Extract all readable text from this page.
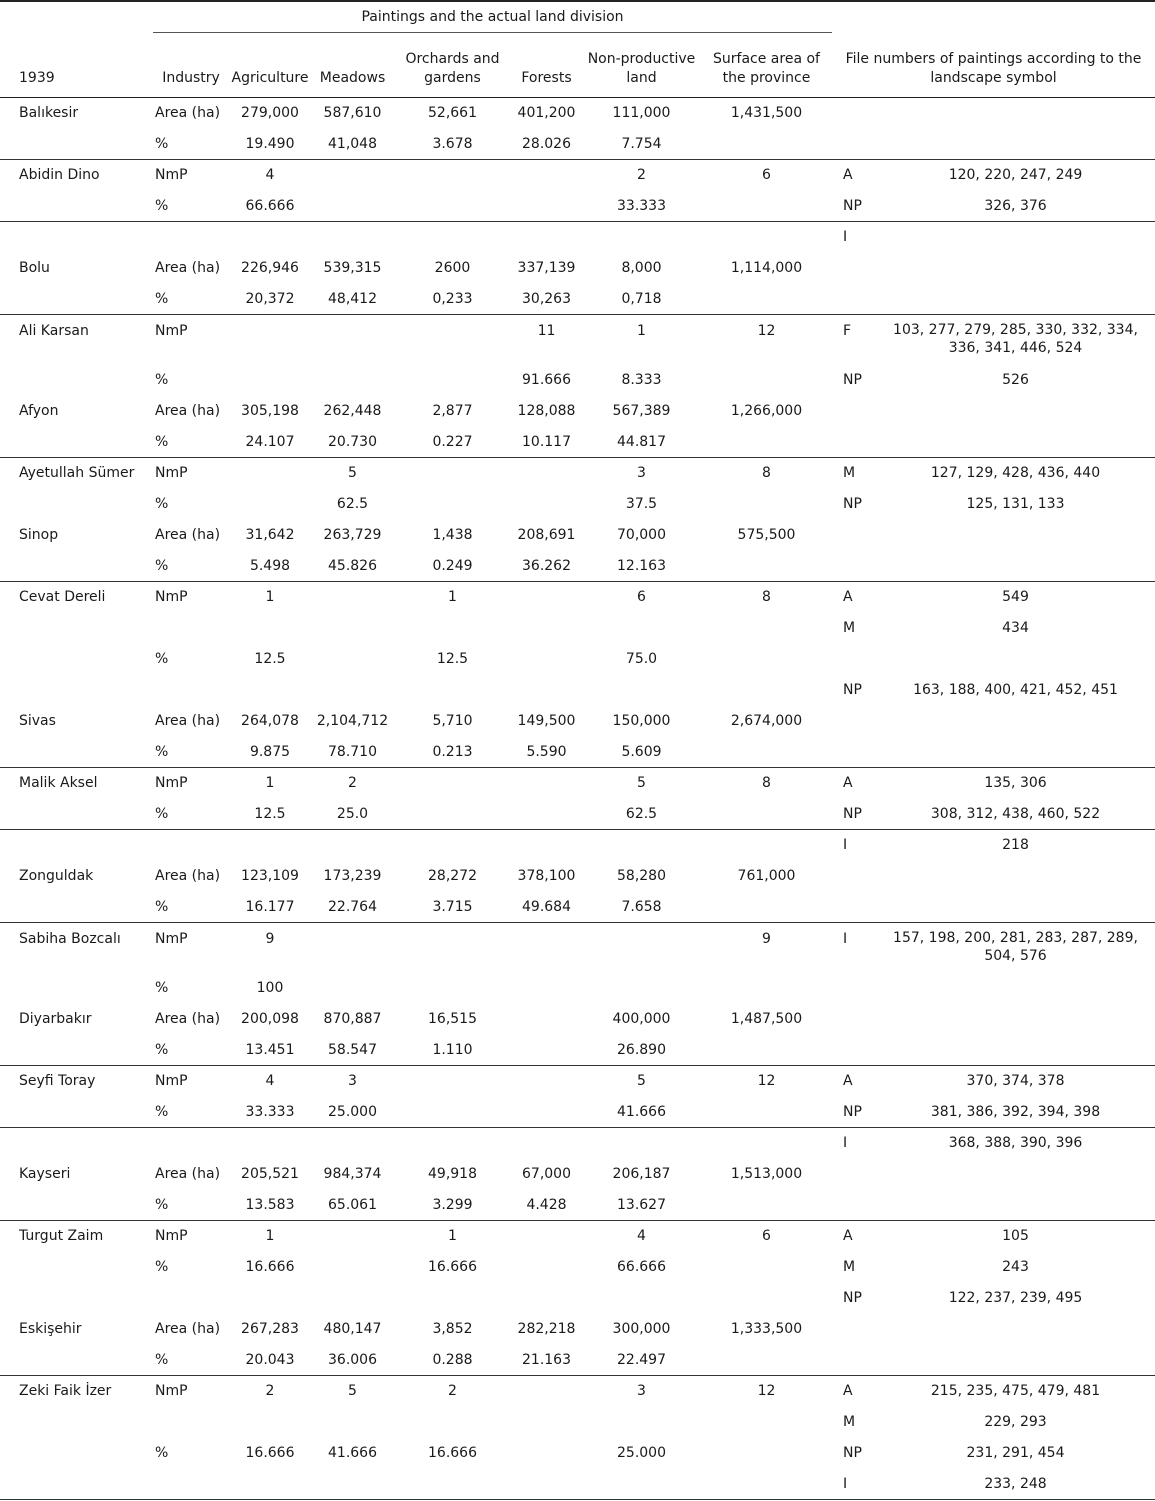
	Paintings and the actual land division								
1939	Industry	Agriculture	Meadows	Orchards and
gardens	Forests	Non-productive
land	Surface area of
the province	File numbers of paintings according to the
landscape symbol	
Balıkesir	Area (ha)	279,000	587,610	52,661	401,200	111,000	1,431,500		
	%	19.490	41,048	3.678	28.026	7.754			
Abidin Dino	NmP	4				2	6	A	120, 220, 247, 249
	%	66.666				33.333		NP	326, 376
								I	
Bolu	Area (ha)	226,946	539,315	2600	337,139	8,000	1,114,000		
	%	20,372	48,412	0,233	30,263	0,718			
Ali Karsan	NmP				11	1	12	F	103, 277, 279, 285, 330, 332, 334, 336, 341, 446, 524
	%				91.666	8.333		NP	526
Afyon	Area (ha)	305,198	262,448	2,877	128,088	567,389	1,266,000		
	%	24.107	20.730	0.227	10.117	44.817			
Ayetullah Sümer	NmP		5			3	8	M	127, 129, 428, 436, 440
	%		62.5			37.5		NP	125, 131, 133
Sinop	Area (ha)	31,642	263,729	1,438	208,691	70,000	575,500		
	%	5.498	45.826	0.249	36.262	12.163			
Cevat Dereli	NmP	1		1		6	8	A	549
								M	434
	%	12.5		12.5		75.0			
								NP	163, 188, 400, 421, 452, 451
Sivas	Area (ha)	264,078	2,104,712	5,710	149,500	150,000	2,674,000		
	%	9.875	78.710	0.213	5.590	5.609			
Malik Aksel	NmP	1	2			5	8	A	135, 306
	%	12.5	25.0			62.5		NP	308, 312, 438, 460, 522
								I	218
Zonguldak	Area (ha)	123,109	173,239	28,272	378,100	58,280	761,000		
	%	16.177	22.764	3.715	49.684	7.658			
Sabiha Bozcalı	NmP	9					9	I	157, 198, 200, 281, 283, 287, 289, 504, 576
	%	100							
Diyarbakır	Area (ha)	200,098	870,887	16,515		400,000	1,487,500		
	%	13.451	58.547	1.110		26.890			
Seyfi Toray	NmP	4	3			5	12	A	370, 374, 378
	%	33.333	25.000			41.666		NP	381, 386, 392, 394, 398
								I	368, 388, 390, 396
Kayseri	Area (ha)	205,521	984,374	49,918	67,000	206,187	1,513,000		
	%	13.583	65.061	3.299	4.428	13.627			
Turgut Zaim	NmP	1		1		4	6	A	105
	%	16.666		16.666		66.666		M	243
								NP	122, 237, 239, 495
Eskişehir	Area (ha)	267,283	480,147	3,852	282,218	300,000	1,333,500		
	%	20.043	36.006	0.288	21.163	22.497			
Zeki Faik İzer	NmP	2	5	2		3	12	A	215, 235, 475, 479, 481
								M	229, 293
	%	16.666	41.666	16.666		25.000		NP	231, 291, 454
								I	233, 248
